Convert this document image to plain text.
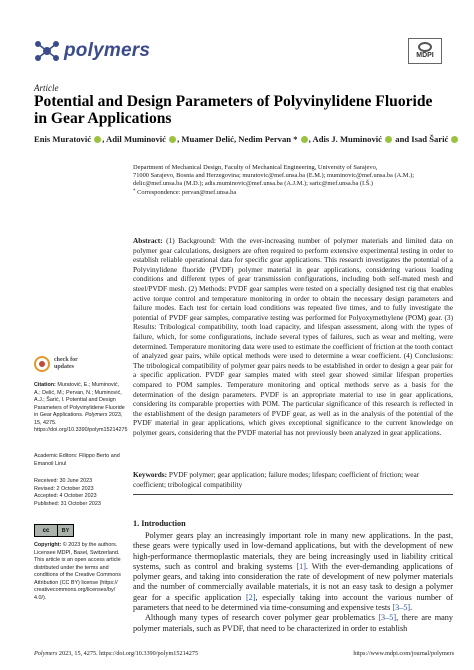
polymers	MDPI
Article
Potential and Design Parameters of Polyvinylidene Fluoride in Gear Applications
Enis Muratović , Adil Muminović , Muamer Delić, Nedim Pervan * , Adis J. Muminović  and Isad Šarić
Department of Mechanical Design, Faculty of Mechanical Engineering, University of Sarajevo,
71000 Sarajevo, Bosnia and Herzegovina; muratovic@mef.unsa.ba (E.M.); muminovic@mef.unsa.ba (A.M.);
delic@mef.unsa.ba (M.D.); adis.muminovic@mef.unsa.ba (A.J.M.); saric@mef.unsa.ba (I.Š.)
* Correspondence: pervan@mef.unsa.ba
check for
updates
Citation: Muratović, E.; Muminović, A.; Delić, M.; Pervan, N.; Muminović, A.J.; Šarić, I. Potential and Design Parameters of Polyvinylidene Fluoride in Gear Applications. Polymers 2023, 15, 4275. https://doi.org/10.3390/polym15214275
Academic Editors: Filippo Berto and
Emanoil Linul
Received: 30 June 2023
Revised: 2 October 2023
Accepted: 4 October 2023
Published: 31 October 2023
cc	BY
Copyright: © 2023 by the authors. Licensee MDPI, Basel, Switzerland. This article is an open access article distributed under the terms and conditions of the Creative Commons Attribution (CC BY) license (https:// creativecommons.org/licenses/by/ 4.0/).
Abstract: (1) Background: With the ever-increasing number of polymer materials and limited data on polymer gear calculations, designers are often required to perform extensive experimental testing in order to establish reliable operational data for specific gear applications. This research investigates the potential of a Polyvinylidene fluoride (PVDF) polymer material in gear applications, considering various loading conditions and different types of gear transmission configurations, including both self-mated mesh and steel/PVDF mesh. (2) Methods: PVDF gear samples were tested on a specially designed test rig that enables active torque control and temperature monitoring in order to obtain the necessary design parameters and failure modes. Each test for certain load conditions was repeated five times, and to fully investigate the potential of PVDF gear samples, comparative testing was performed for Polyoxymethylene (POM) gear. (3) Results: Tribological compatibility, tooth load capacity, and lifespan assessment, along with the types of failure, which, for some configurations, include several types of failures, such as wear and melting, were determined. Temperature monitoring data were used to estimate the coefficient of friction at the tooth contact of analyzed gear pairs, while optical methods were used to determine a wear coefficient. (4) Conclusions: The tribological compatibility of polymer gear pairs needs to be established in order to design a gear pair for a specific application. PVDF gear samples mated with steel gear showed similar lifespan properties compared to POM samples. Temperature monitoring and optical methods serve as a basis for the determination of the design parameters. PVDF is an appropriate material to use in gear applications, considering its comparable properties with POM. The particular significance of this research is reflected in the establishment of the design parameters of PVDF gear, as well as in the analysis of the potential of the PVDF material in gear applications, which gives exceptional significance to the current knowledge on polymer gears, considering that the PVDF material has not previously been analyzed in gear applications.
Keywords: PVDF polymer; gear application; failure modes; lifespan; coefficient of friction; wear coefficient; tribological compatibility
1. Introduction

Polymer gears play an increasingly important role in many new applications. In the past, these gears were typically used in low-demand applications, but with the development of new high-performance thermoplastic materials, they are being increasingly used in liability critical systems, such as control and braking systems [1]. With the ever-demanding applications of polymer gears, and taking into consideration the rate of development of new polymer materials and the number of commercially available materials, it is not an easy task to design a polymer gear for a specific application [2], especially taking into account the various number of parameters that need to be determined via time-consuming and expensive tests [3–5].

Although many types of research cover polymer gear problematics [3–5], there are many polymer materials, such as PVDF, that need to be characterized in order to establish

Polymers 2023, 15, 4275. https://doi.org/10.3390/polym15214275	https://www.mdpi.com/journal/polymers
